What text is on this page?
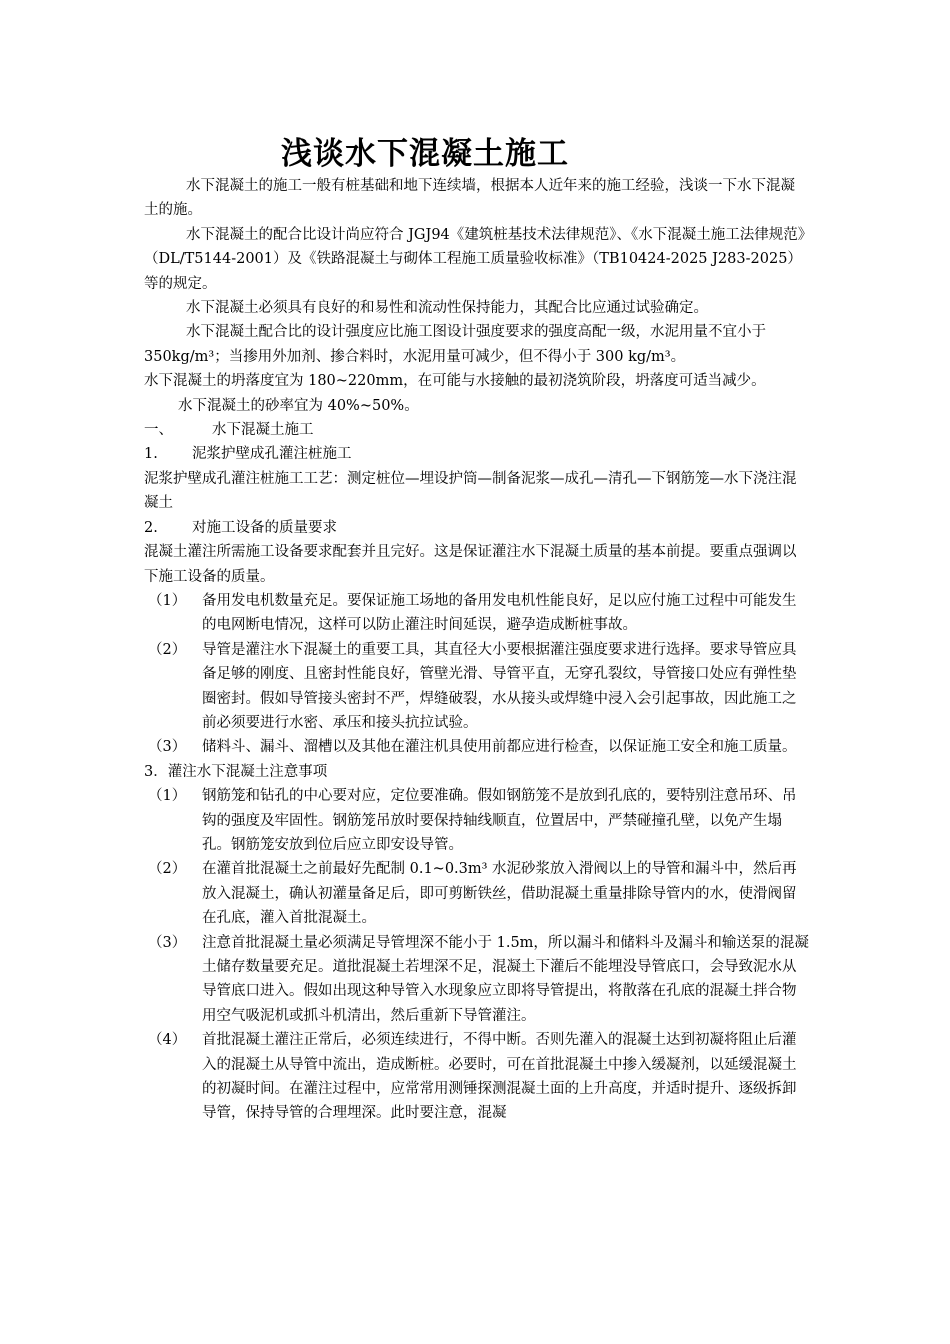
浅谈水下混凝土施工

水下混凝土的施工一般有桩基础和地下连续墙，根据本人近年来的施工经验，浅谈一下水下混凝土的施。

水下混凝土的配合比设计尚应符合 JGJ94《建筑桩基技术法律规范》、《水下混凝土施工法律规范》（DL/T5144-2001）及《铁路混凝土与砌体工程施工质量验收标准》（TB10424-2025 J283-2025）等的规定。

水下混凝土必须具有良好的和易性和流动性保持能力，其配合比应通过试验确定。

水下混凝土配合比的设计强度应比施工图设计强度要求的强度高配一级，水泥用量不宜小于 350kg/m³；当掺用外加剂、掺合料时，水泥用量可减少，但不得小于 300 kg/m³。

水下混凝土的坍落度宜为 180~220mm，在可能与水接触的最初浇筑阶段，坍落度可适当减少。

水下混凝土的砂率宜为 40%~50%。

一、	水下混凝土施工
1.	泥浆护壁成孔灌注桩施工

泥浆护壁成孔灌注桩施工工艺：测定桩位—埋设护筒—制备泥浆—成孔—清孔—下钢筋笼—水下浇注混凝土

2.	对施工设备的质量要求

混凝土灌注所需施工设备要求配套并且完好。这是保证灌注水下混凝土质量的基本前提。要重点强调以下施工设备的质量。

（1）	备用发电机数量充足。要保证施工场地的备用发电机性能良好，足以应付施工过程中可能发生的电网断电情况，这样可以防止灌注时间延误，避孕造成断桩事故。
（2）	导管是灌注水下混凝土的重要工具，其直径大小要根据灌注强度要求进行选择。要求导管应具备足够的刚度、且密封性能良好，管壁光滑、导管平直，无穿孔裂纹，导管接口处应有弹性垫圈密封。假如导管接头密封不严，焊缝破裂，水从接头或焊缝中浸入会引起事故，因此施工之前必须要进行水密、承压和接头抗拉试验。
（3）	储料斗、漏斗、溜槽以及其他在灌注机具使用前都应进行检查，以保证施工安全和施工质量。

3．灌注水下混凝土注意事项

（1）	钢筋笼和钻孔的中心要对应，定位要准确。假如钢筋笼不是放到孔底的，要特别注意吊环、吊钩的强度及牢固性。钢筋笼吊放时要保持轴线顺直，位置居中，严禁碰撞孔壁，以免产生塌孔。钢筋笼安放到位后应立即安设导管。
（2）	在灌首批混凝土之前最好先配制 0.1~0.3m³ 水泥砂浆放入滑阀以上的导管和漏斗中，然后再放入混凝土，确认初灌量备足后，即可剪断铁丝，借助混凝土重量排除导管内的水，使滑阀留在孔底，灌入首批混凝土。
（3）	注意首批混凝土量必须满足导管埋深不能小于 1.5m，所以漏斗和储料斗及漏斗和输送泵的混凝土储存数量要充足。道批混凝土若埋深不足，混凝土下灌后不能埋没导管底口，会导致泥水从导管底口进入。假如出现这种导管入水现象应立即将导管提出，将散落在孔底的混凝土拌合物用空气吸泥机或抓斗机清出，然后重新下导管灌注。
（4）	首批混凝土灌注正常后，必须连续进行，不得中断。否则先灌入的混凝土达到初凝将阻止后灌入的混凝土从导管中流出，造成断桩。必要时，可在首批混凝土中掺入缓凝剂，以延缓混凝土的初凝时间。在灌注过程中，应常常用测锤探测混凝土面的上升高度，并适时提升、逐级拆卸导管，保持导管的合理埋深。此时要注意，混凝
